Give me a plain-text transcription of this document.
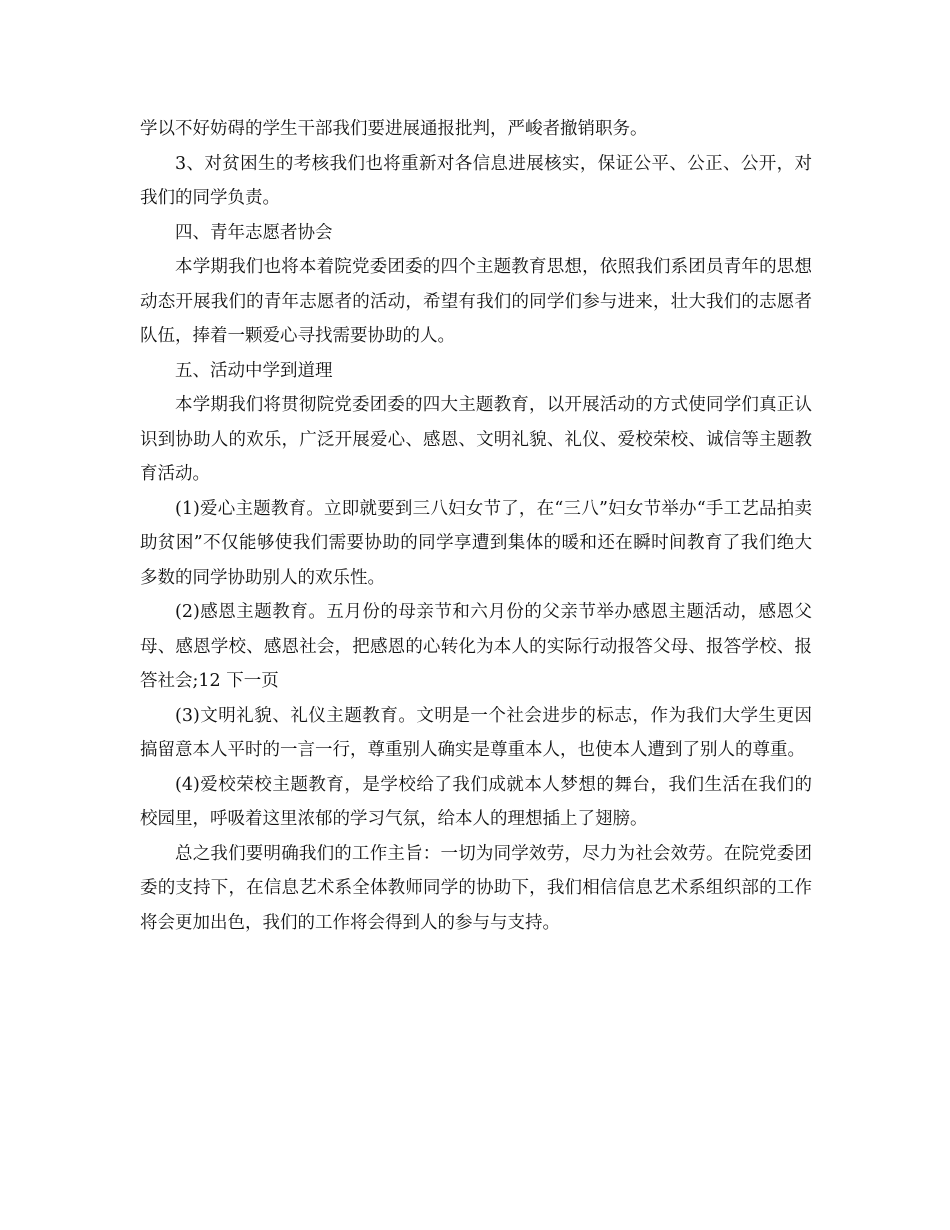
学以不好妨碍的学生干部我们要进展通报批判，严峻者撤销职务。

3、对贫困生的考核我们也将重新对各信息进展核实，保证公平、公正、公开，对我们的同学负责。

四、青年志愿者协会

本学期我们也将本着院党委团委的四个主题教育思想，依照我们系团员青年的思想动态开展我们的青年志愿者的活动，希望有我们的同学们参与进来，壮大我们的志愿者队伍，捧着一颗爱心寻找需要协助的人。

五、活动中学到道理

本学期我们将贯彻院党委团委的四大主题教育，以开展活动的方式使同学们真正认识到协助人的欢乐，广泛开展爱心、感恩、文明礼貌、礼仪、爱校荣校、诚信等主题教育活动。

(1)爱心主题教育。立即就要到三八妇女节了，在“三八”妇女节举办“手工艺品拍卖助贫困”不仅能够使我们需要协助的同学享遭到集体的暖和还在瞬时间教育了我们绝大多数的同学协助别人的欢乐性。

(2)感恩主题教育。五月份的母亲节和六月份的父亲节举办感恩主题活动，感恩父母、感恩学校、感恩社会，把感恩的心转化为本人的实际行动报答父母、报答学校、报答社会;12 下一页

(3)文明礼貌、礼仪主题教育。文明是一个社会进步的标志，作为我们大学生更因搞留意本人平时的一言一行，尊重别人确实是尊重本人，也使本人遭到了别人的尊重。

(4)爱校荣校主题教育，是学校给了我们成就本人梦想的舞台，我们生活在我们的校园里，呼吸着这里浓郁的学习气氛，给本人的理想插上了翅膀。

总之我们要明确我们的工作主旨：一切为同学效劳，尽力为社会效劳。在院党委团委的支持下，在信息艺术系全体教师同学的协助下，我们相信信息艺术系组织部的工作将会更加出色，我们的工作将会得到人的参与与支持。
